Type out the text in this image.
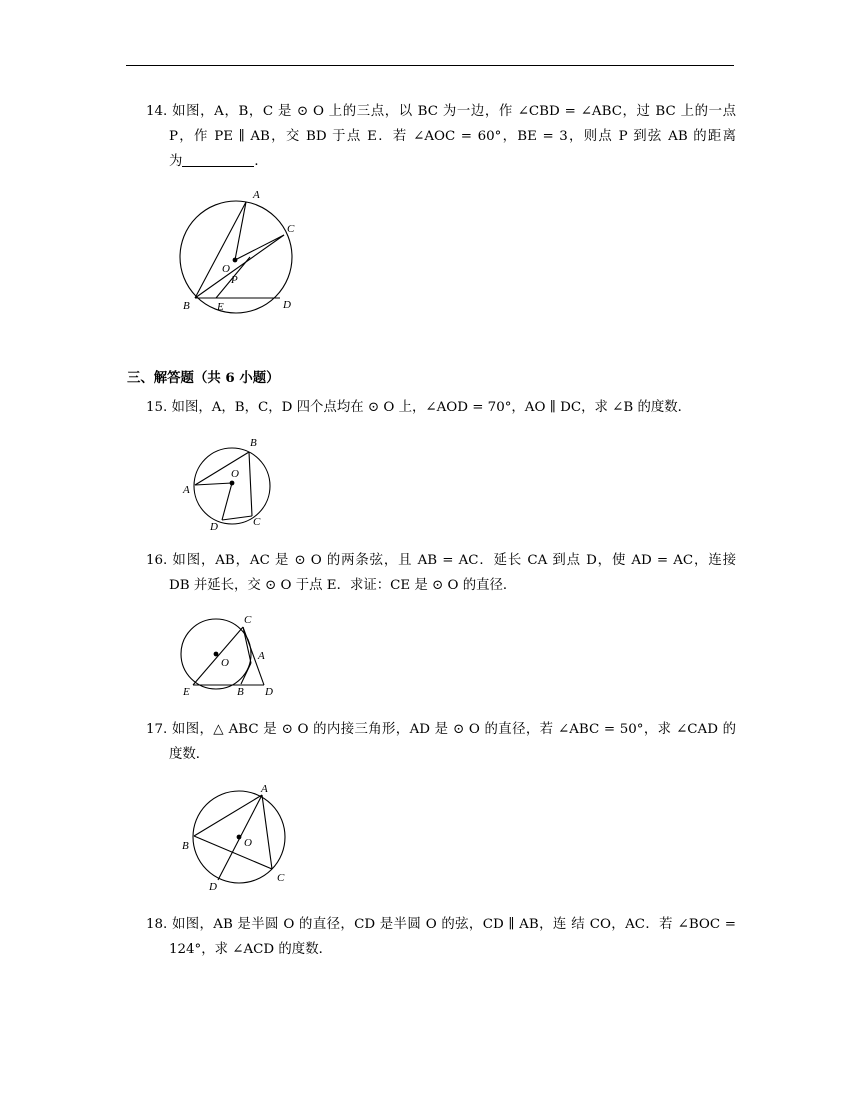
14. 如图，A，B，C 是 ⊙ O 上的三点，以 BC 为一边，作 ∠CBD = ∠ABC，过 BC 上的一点
P，作 PE ∥ AB，交 BD 于点 E．若 ∠AOC = 60°，BE = 3，则点 P 到弦 AB 的距离
为	．
A
C
O
P
B E	D
三、解答题（共 6 小题）
15. 如图，A，B，C，D 四个点均在 ⊙ O 上，∠AOD = 70°，AO ∥ DC，求 ∠B 的度数．
B
O
A
D	C
16. 如图，AB，AC 是 ⊙ O 的两条弦，且 AB = AC．延长 CA 到点 D，使 AD = AC，连接
DB 并延长，交 ⊙ O 于点 E．求证：CE 是 ⊙ O 的直径．
C
O
A
E	B D
17. 如图，△ ABC 是 ⊙ O 的内接三角形，AD 是 ⊙ O 的直径，若 ∠ABC = 50°，求 ∠CAD 的
度数．
A
O
B
D
C
18. 如图，AB 是半圆 O 的直径，CD 是半圆 O 的弦，CD ∥ AB，连 结 CO，AC．若 ∠BOC =
124°，求 ∠ACD 的度数．
